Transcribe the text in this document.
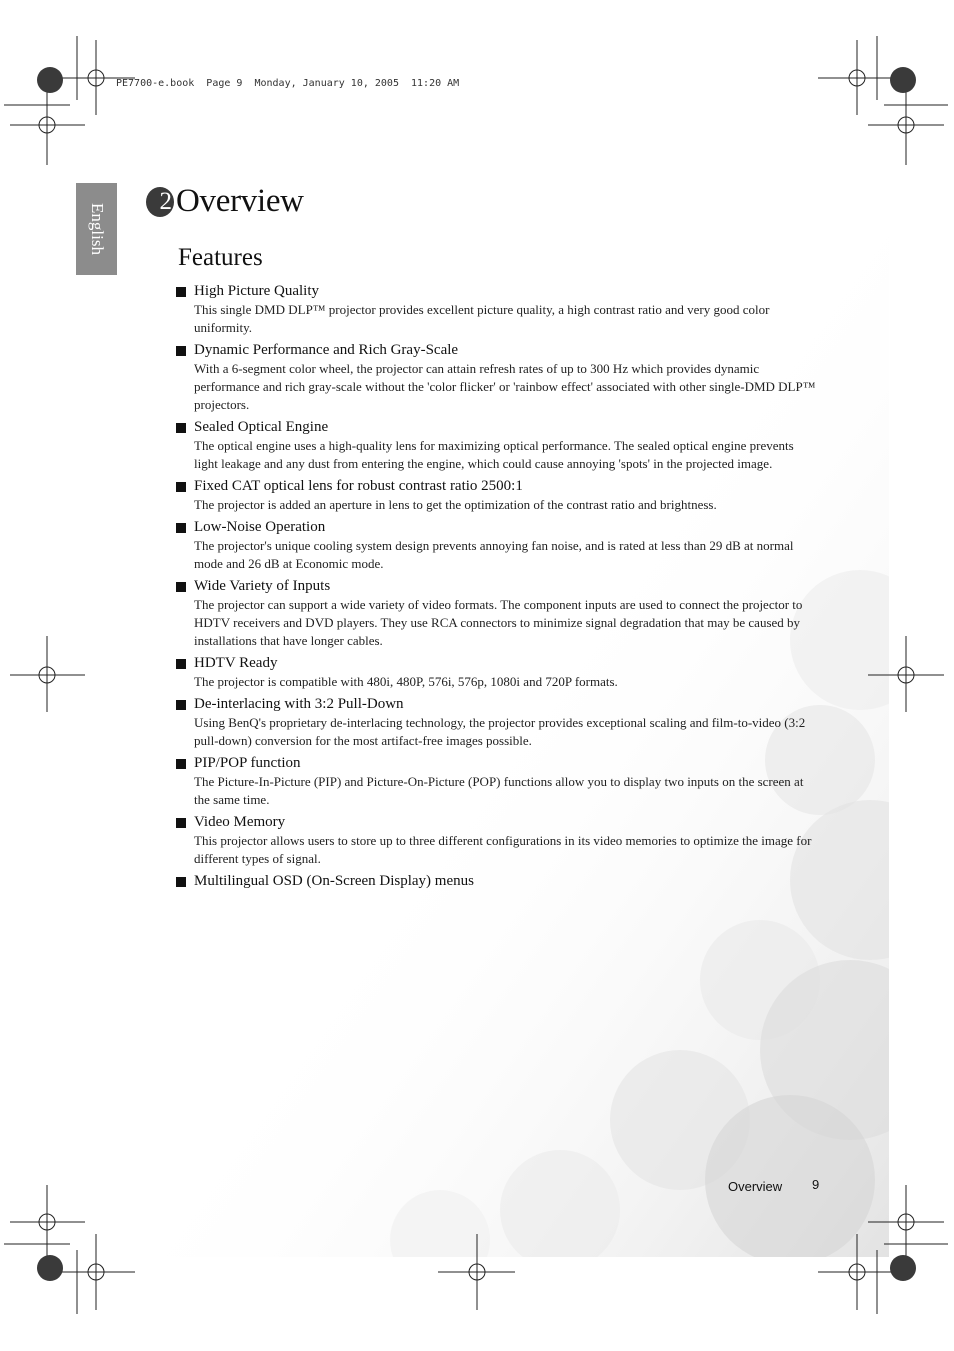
PE7700-e.book  Page 9  Monday, January 10, 2005  11:20 AM
English
2 Overview
Features
High Picture Quality
This single DMD DLP™ projector provides excellent picture quality, a high contrast ratio and very good color uniformity.
Dynamic Performance and Rich Gray-Scale
With a 6-segment color wheel, the projector can attain refresh rates of up to 300 Hz which provides dynamic performance and rich gray-scale without the 'color flicker' or 'rainbow effect' associated with other single-DMD DLP™ projectors.
Sealed Optical Engine
The optical engine uses a high-quality lens for maximizing optical performance. The sealed optical engine prevents light leakage and any dust from entering the engine, which could cause annoying 'spots' in the projected image.
Fixed CAT optical lens for robust contrast ratio 2500:1
The projector is added an aperture in lens to get the optimization of the contrast ratio and brightness.
Low-Noise Operation
The projector's unique cooling system design prevents annoying fan noise, and is rated at less than 29 dB at normal mode and 26 dB at Economic mode.
Wide Variety of Inputs
The projector can support a wide variety of video formats. The component inputs are used to connect the projector to HDTV receivers and DVD players. They use RCA connectors to minimize signal degradation that may be caused by installations that have longer cables.
HDTV Ready
The projector is compatible with 480i, 480P, 576i, 576p, 1080i and 720P formats.
De-interlacing with 3:2 Pull-Down
Using BenQ's proprietary de-interlacing technology, the projector provides exceptional scaling and film-to-video (3:2 pull-down) conversion for the most artifact-free images possible.
PIP/POP function
The Picture-In-Picture (PIP) and Picture-On-Picture (POP) functions allow you to display two inputs on the screen at the same time.
Video Memory
This projector allows users to store up to three different configurations in its video memories to optimize the image for different types of signal.
Multilingual OSD (On-Screen Display) menus
Overview 9
